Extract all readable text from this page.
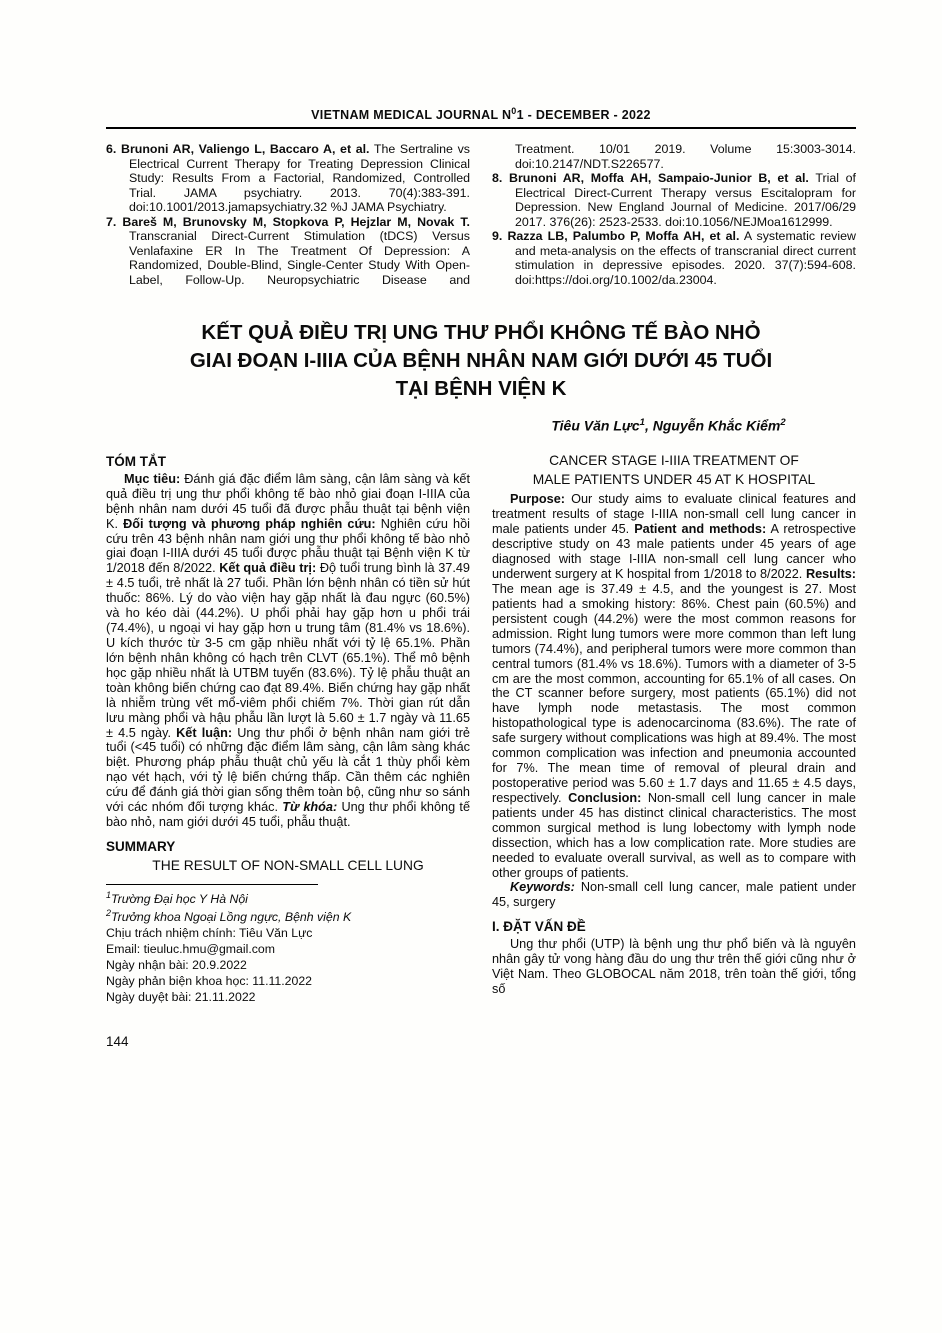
VIETNAM MEDICAL JOURNAL $N^01$ - DECEMBER - 2022

6. Brunoni AR, Valiengo L, Baccaro A, et al. The Sertraline vs Electrical Current Therapy for Treating Depression Clinical Study: Results From a Factorial, Randomized, Controlled Trial. JAMA psychiatry. 2013. 70(4):383-391. doi:10.1001/2013.jamapsychiatry.32 %J JAMA Psychiatry.

7. Bareš M, Brunovsky M, Stopkova P, Hejzlar M, Novak T. Transcranial Direct-Current Stimulation (tDCS) Versus Venlafaxine ER In The Treatment Of Depression: A Randomized, Double-Blind, Single-Center Study With Open-Label, Follow-Up. Neuropsychiatric Disease and

Treatment. 10/01 2019. Volume 15:3003-3014. doi:10.2147/NDT.S226577.

8. Brunoni AR, Moffa AH, Sampaio-Junior B, et al. Trial of Electrical Direct-Current Therapy versus Escitalopram for Depression. New England Journal of Medicine. 2017/06/29 2017. 376(26): 2523-2533. doi:10.1056/NEJMoa1612999.

9. Razza LB, Palumbo P, Moffa AH, et al. A systematic review and meta-analysis on the effects of transcranial direct current stimulation in depressive episodes. 2020. 37(7):594-608. doi:https://doi.org/10.1002/da.23004.

KẾT QUẢ ĐIỀU TRỊ UNG THƯ PHỔI KHÔNG TẾ BÀO NHỎ
GIAI ĐOẠN I-IIIA CỦA BỆNH NHÂN NAM GIỚI DƯỚI 45 TUỔI
TẠI BỆNH VIỆN K
Tiêu Văn Lực$^1$, Nguyễn Khắc Kiểm$^2$
TÓM TẮT

Mục tiêu: Đánh giá đặc điểm lâm sàng, cận lâm sàng và kết quả điều trị ung thư phổi không tế bào nhỏ giai đoạn I-IIIA của bệnh nhân nam dưới 45 tuổi đã được phẫu thuật tại bệnh viện K. Đối tượng và phương pháp nghiên cứu: Nghiên cứu hồi cứu trên 43 bệnh nhân nam giới ung thư phổi không tế bào nhỏ giai đoạn I-IIIA dưới 45 tuổi được phẫu thuật tại Bệnh viện K từ 1/2018 đến 8/2022. Kết quả điều trị: Độ tuổi trung bình là 37.49 ± 4.5 tuổi, trẻ nhất là 27 tuổi. Phần lớn bệnh nhân có tiền sử hút thuốc: 86%. Lý do vào viện hay gặp nhất là đau ngực (60.5%) và ho kéo dài (44.2%). U phổi phải hay gặp hơn u phổi trái (74.4%), u ngoại vi hay gặp hơn u trung tâm (81.4% vs 18.6%). U kích thước từ 3-5 cm gặp nhiều nhất với tỷ lệ 65.1%. Phần lớn bệnh nhân không có hạch trên CLVT (65.1%). Thể mô bệnh học gặp nhiều nhất là UTBM tuyến (83.6%). Tỷ lệ phẫu thuật an toàn không biến chứng cao đạt 89.4%. Biến chứng hay gặp nhất là nhiễm trùng vết mổ-viêm phổi chiếm 7%. Thời gian rút dẫn lưu màng phổi và hậu phẫu lần lượt là 5.60 ± 1.7 ngày và 11.65 ± 4.5 ngày. Kết luận: Ung thư phổi ở bệnh nhân nam giới trẻ tuổi (<45 tuổi) có những đặc điểm lâm sàng, cận lâm sàng khác biệt. Phương pháp phẫu thuật chủ yếu là cắt 1 thùy phổi kèm nạo vét hạch, với tỷ lệ biến chứng thấp. Cần thêm các nghiên cứu để đánh giá thời gian sống thêm toàn bộ, cũng như so sánh với các nhóm đối tượng khác. Từ khóa: Ung thư phổi không tế bào nhỏ, nam giới dưới 45 tuổi, phẫu thuật.

SUMMARY
THE RESULT OF NON-SMALL CELL LUNG
$^1$Trường Đại học Y Hà Nội
$^2$Trưởng khoa Ngoại Lồng ngực, Bệnh viện K
Chịu trách nhiệm chính: Tiêu Văn Lực
Email: tieuluc.hmu@gmail.com
Ngày nhận bài: 20.9.2022
Ngày phản biện khoa học: 11.11.2022
Ngày duyệt bài: 21.11.2022
CANCER STAGE I-IIIA TREATMENT OF
MALE PATIENTS UNDER 45 AT K HOSPITAL

Purpose: Our study aims to evaluate clinical features and treatment results of stage I-IIIA non-small cell lung cancer in male patients under 45. Patient and methods: A retrospective descriptive study on 43 male patients under 45 years of age diagnosed with stage I-IIIA non-small cell lung cancer who underwent surgery at K hospital from 1/2018 to 8/2022. Results: The mean age is 37.49 ± 4.5, and the youngest is 27. Most patients had a smoking history: 86%. Chest pain (60.5%) and persistent cough (44.2%) were the most common reasons for admission. Right lung tumors were more common than left lung tumors (74.4%), and peripheral tumors were more common than central tumors (81.4% vs 18.6%). Tumors with a diameter of 3-5 cm are the most common, accounting for 65.1% of all cases. On the CT scanner before surgery, most patients (65.1%) did not have lymph node metastasis. The most common histopathological type is adenocarcinoma (83.6%). The rate of safe surgery without complications was high at 89.4%. The most common complication was infection and pneumonia accounted for 7%. The mean time of removal of pleural drain and postoperative period was 5.60 ± 1.7 days and 11.65 ± 4.5 days, respectively. Conclusion: Non-small cell lung cancer in male patients under 45 has distinct clinical characteristics. The most common surgical method is lung lobectomy with lymph node dissection, which has a low complication rate. More studies are needed to evaluate overall survival, as well as to compare with other groups of patients.

Keywords: Non-small cell lung cancer, male patient under 45, surgery

I. ĐẶT VẤN ĐỀ

Ung thư phổi (UTP) là bệnh ung thư phổ biến và là nguyên nhân gây tử vong hàng đầu do ung thư trên thế giới cũng như ở Việt Nam. Theo GLOBOCAL năm 2018, trên toàn thế giới, tổng số

144
